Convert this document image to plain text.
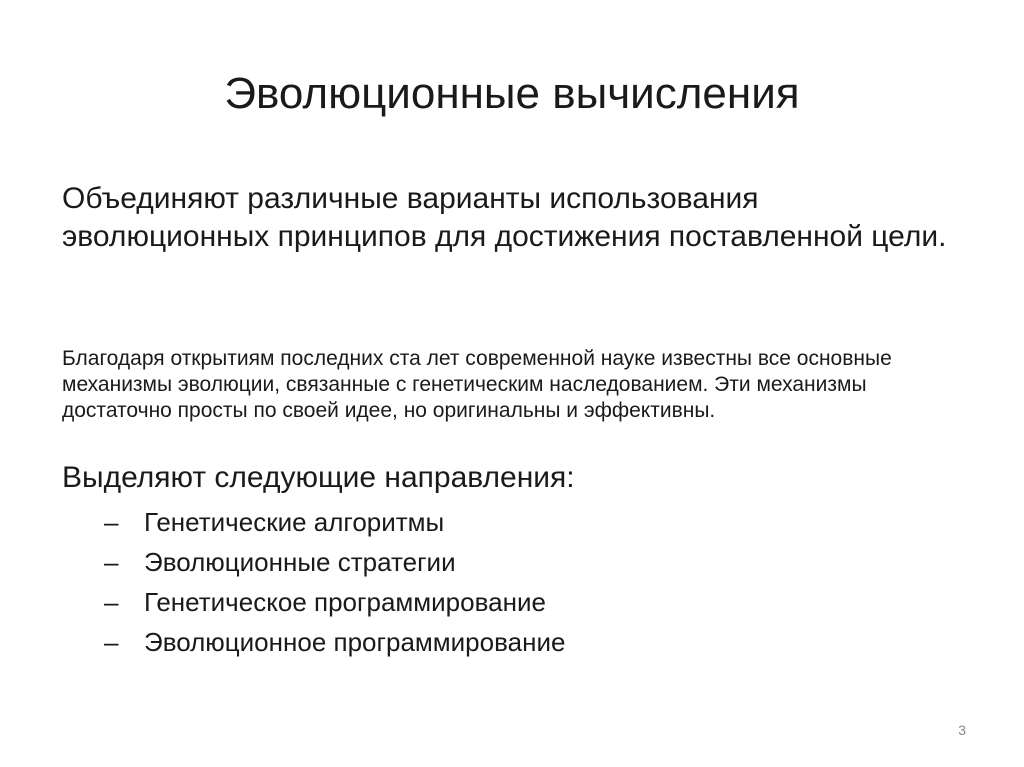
Эволюционные вычисления

Объединяют различные варианты использования эволюционных принципов для достижения поставленной цели.

Благодаря открытиям последних ста лет современной науке известны все основные механизмы эволюции, связанные с генетическим наследованием. Эти механизмы достаточно просты по своей идее, но оригинальны и эффективны.

Выделяют следующие направления:

– Генетические алгоритмы
– Эволюционные стратегии
– Генетическое программирование
– Эволюционное программирование
3
